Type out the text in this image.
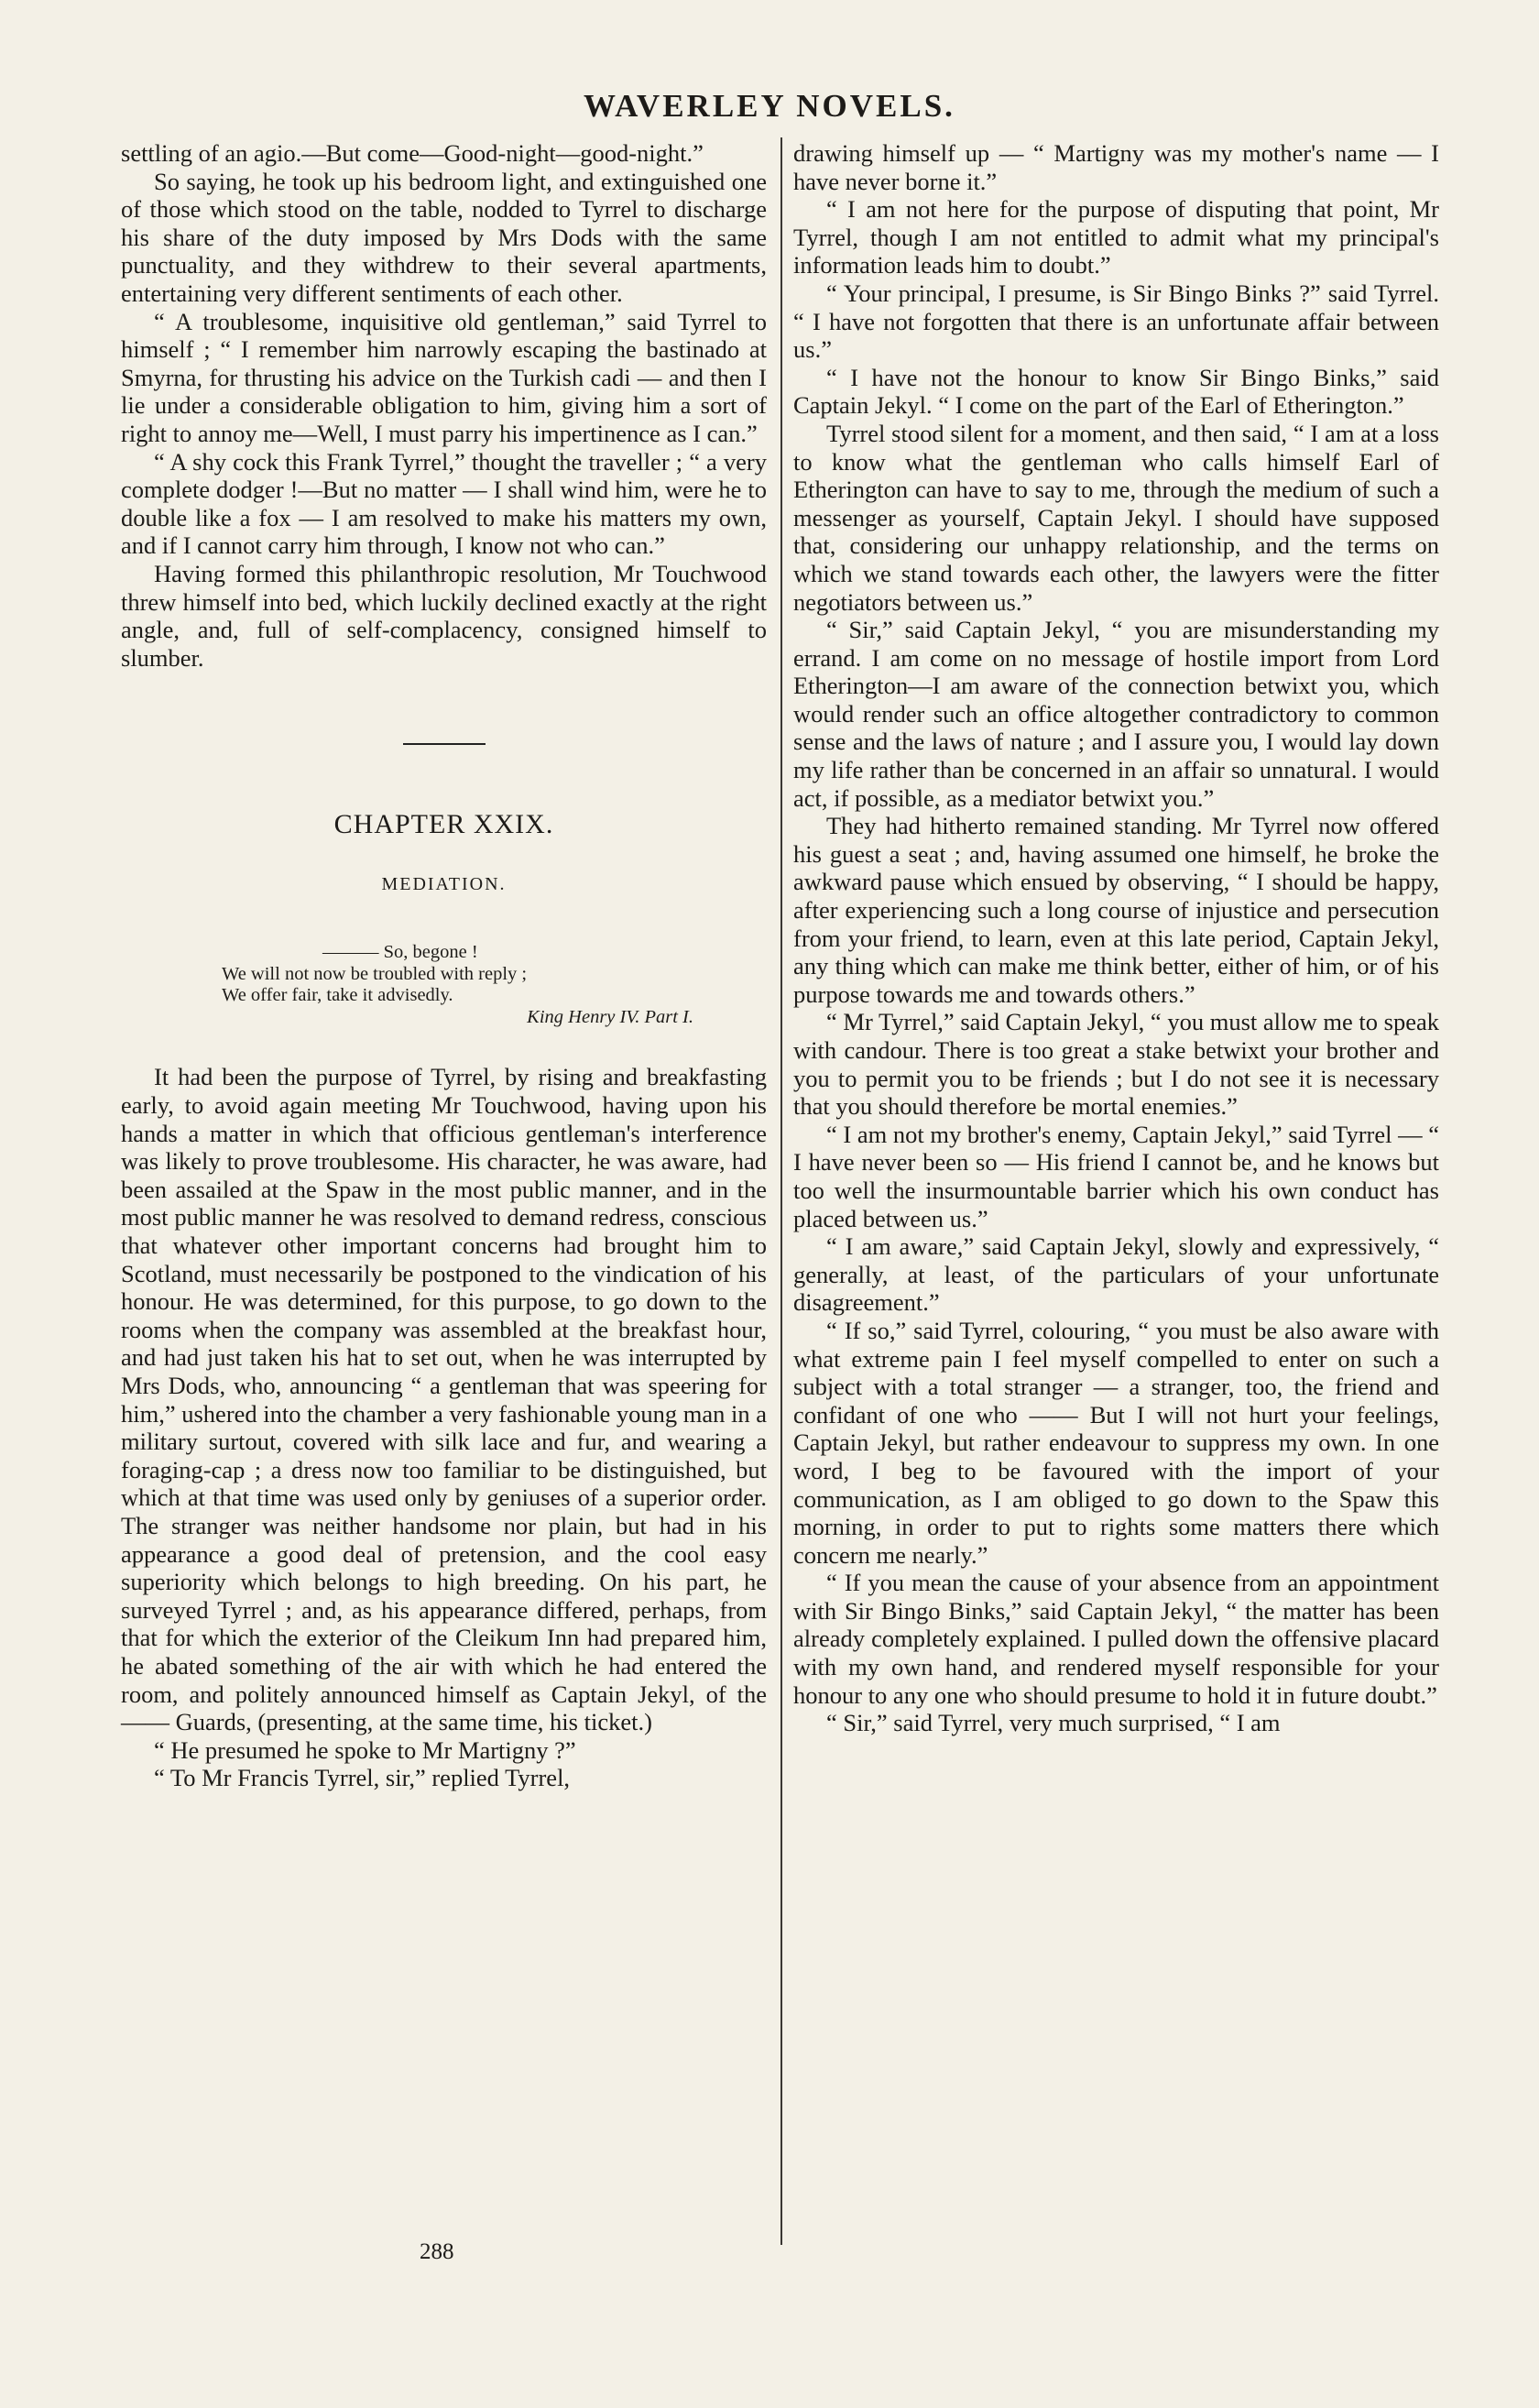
WAVERLEY NOVELS.

settling of an agio.—But come—Good-night—good-night.”

So saying, he took up his bedroom light, and extinguished one of those which stood on the table, nodded to Tyrrel to discharge his share of the duty imposed by Mrs Dods with the same punctuality, and they withdrew to their several apartments, entertaining very different sentiments of each other.

“ A troublesome, inquisitive old gentleman,” said Tyrrel to himself ; “ I remember him narrowly escaping the bastinado at Smyrna, for thrusting his advice on the Turkish cadi — and then I lie under a considerable obligation to him, giving him a sort of right to annoy me—Well, I must parry his impertinence as I can.”

“ A shy cock this Frank Tyrrel,” thought the traveller ; “ a very complete dodger !—But no matter — I shall wind him, were he to double like a fox — I am resolved to make his matters my own, and if I cannot carry him through, I know not who can.”

Having formed this philanthropic resolution, Mr Touchwood threw himself into bed, which luckily declined exactly at the right angle, and, full of self-complacency, consigned himself to slumber.

CHAPTER XXIX.
MEDIATION.
——— So, begone !
We will not now be troubled with reply ;
We offer fair, take it advisedly.
King Henry IV. Part I.

It had been the purpose of Tyrrel, by rising and breakfasting early, to avoid again meeting Mr Touchwood, having upon his hands a matter in which that officious gentleman's interference was likely to prove troublesome. His character, he was aware, had been assailed at the Spaw in the most public manner, and in the most public manner he was resolved to demand redress, conscious that whatever other important concerns had brought him to Scotland, must necessarily be postponed to the vindication of his honour. He was determined, for this purpose, to go down to the rooms when the company was assembled at the breakfast hour, and had just taken his hat to set out, when he was interrupted by Mrs Dods, who, announcing “ a gentleman that was speering for him,” ushered into the chamber a very fashionable young man in a military surtout, covered with silk lace and fur, and wearing a foraging-cap ; a dress now too familiar to be distinguished, but which at that time was used only by geniuses of a superior order. The stranger was neither handsome nor plain, but had in his appearance a good deal of pretension, and the cool easy superiority which belongs to high breeding. On his part, he surveyed Tyrrel ; and, as his appearance differed, perhaps, from that for which the exterior of the Cleikum Inn had prepared him, he abated something of the air with which he had entered the room, and politely announced himself as Captain Jekyl, of the —— Guards, (presenting, at the same time, his ticket.)

“ He presumed he spoke to Mr Martigny ?”

“ To Mr Francis Tyrrel, sir,” replied Tyrrel,

drawing himself up — “ Martigny was my mother's name — I have never borne it.”

“ I am not here for the purpose of disputing that point, Mr Tyrrel, though I am not entitled to admit what my principal's information leads him to doubt.”

“ Your principal, I presume, is Sir Bingo Binks ?” said Tyrrel. “ I have not forgotten that there is an unfortunate affair between us.”

“ I have not the honour to know Sir Bingo Binks,” said Captain Jekyl. “ I come on the part of the Earl of Etherington.”

Tyrrel stood silent for a moment, and then said, “ I am at a loss to know what the gentleman who calls himself Earl of Etherington can have to say to me, through the medium of such a messenger as yourself, Captain Jekyl. I should have supposed that, considering our unhappy relationship, and the terms on which we stand towards each other, the lawyers were the fitter negotiators between us.”

“ Sir,” said Captain Jekyl, “ you are misunderstanding my errand. I am come on no message of hostile import from Lord Etherington—I am aware of the connection betwixt you, which would render such an office altogether contradictory to common sense and the laws of nature ; and I assure you, I would lay down my life rather than be concerned in an affair so unnatural. I would act, if possible, as a mediator betwixt you.”

They had hitherto remained standing. Mr Tyrrel now offered his guest a seat ; and, having assumed one himself, he broke the awkward pause which ensued by observing, “ I should be happy, after experiencing such a long course of injustice and persecution from your friend, to learn, even at this late period, Captain Jekyl, any thing which can make me think better, either of him, or of his purpose towards me and towards others.”

“ Mr Tyrrel,” said Captain Jekyl, “ you must allow me to speak with candour. There is too great a stake betwixt your brother and you to permit you to be friends ; but I do not see it is necessary that you should therefore be mortal enemies.”

“ I am not my brother's enemy, Captain Jekyl,” said Tyrrel — “ I have never been so — His friend I cannot be, and he knows but too well the insurmountable barrier which his own conduct has placed between us.”

“ I am aware,” said Captain Jekyl, slowly and expressively, “ generally, at least, of the particulars of your unfortunate disagreement.”

“ If so,” said Tyrrel, colouring, “ you must be also aware with what extreme pain I feel myself compelled to enter on such a subject with a total stranger — a stranger, too, the friend and confidant of one who —— But I will not hurt your feelings, Captain Jekyl, but rather endeavour to suppress my own. In one word, I beg to be favoured with the import of your communication, as I am obliged to go down to the Spaw this morning, in order to put to rights some matters there which concern me nearly.”

“ If you mean the cause of your absence from an appointment with Sir Bingo Binks,” said Captain Jekyl, “ the matter has been already completely explained. I pulled down the offensive placard with my own hand, and rendered myself responsible for your honour to any one who should presume to hold it in future doubt.”

“ Sir,” said Tyrrel, very much surprised, “ I am

288
